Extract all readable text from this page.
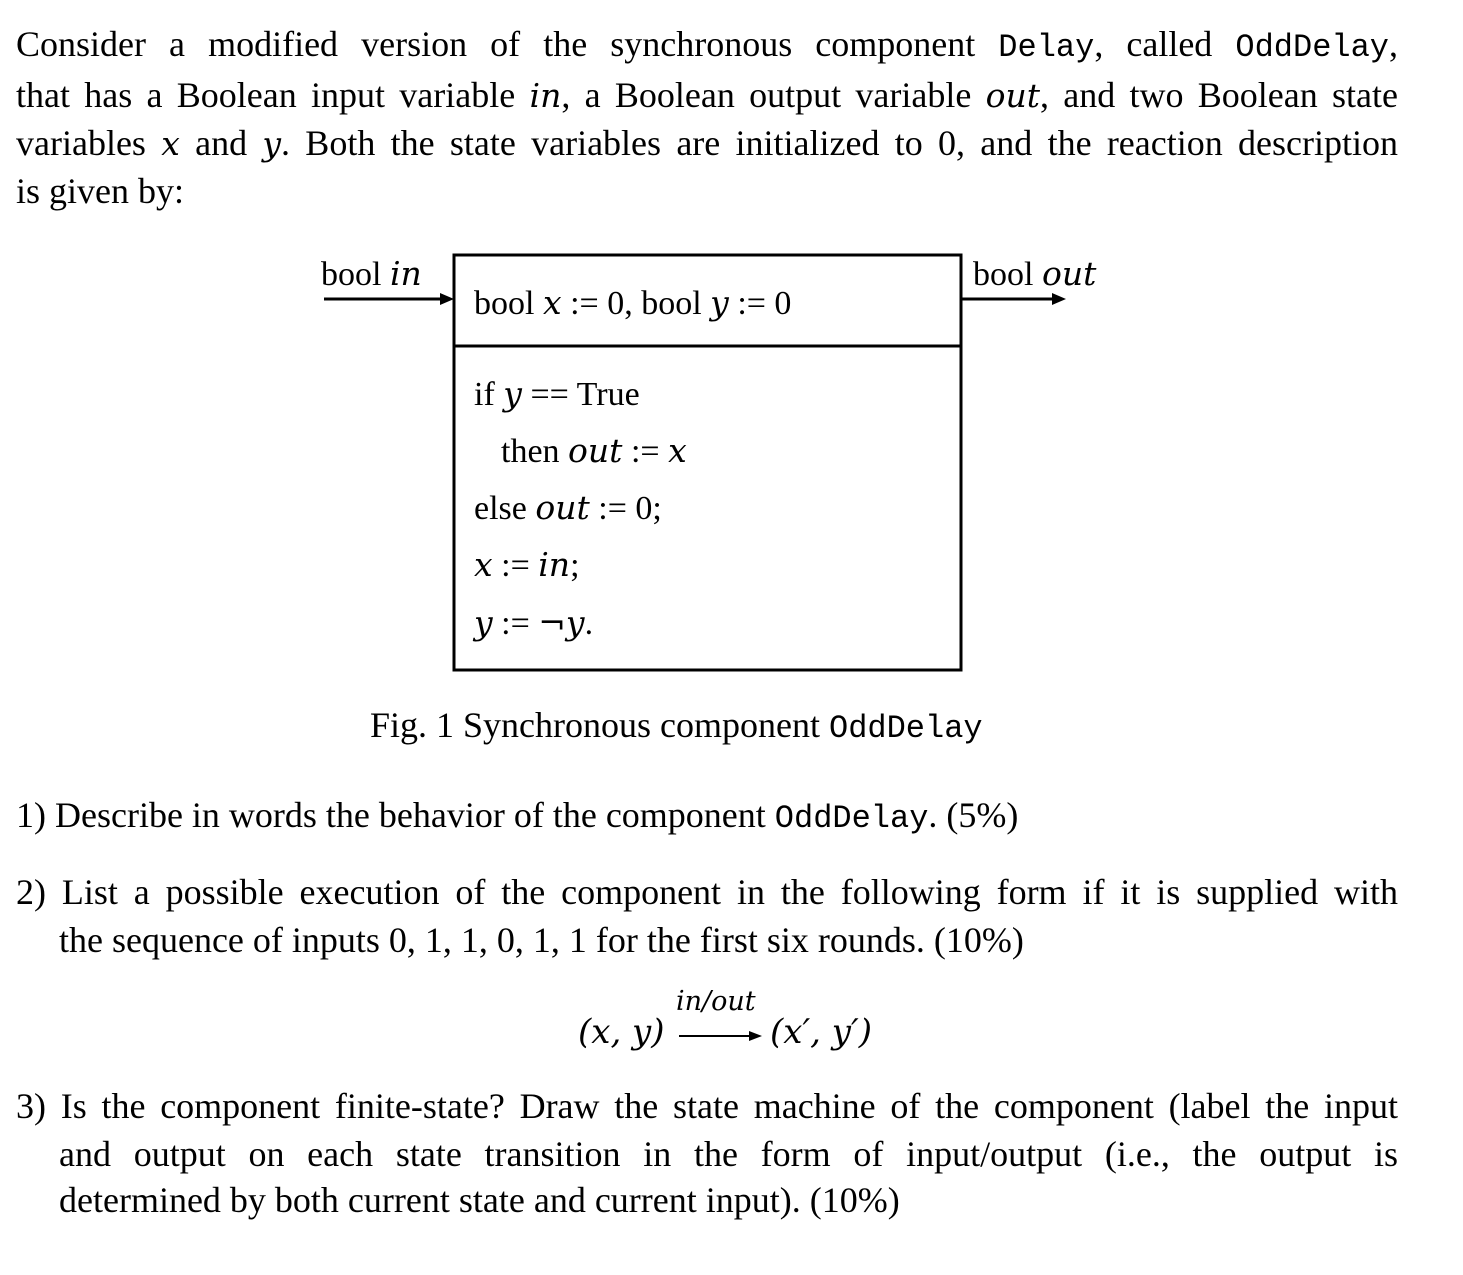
Consider a modified version of the synchronous component Delay, called OddDelay,
that has a Boolean input variable in, a Boolean output variable out, and two Boolean state
variables x and y. Both the state variables are initialized to 0, and the reaction description
is given by:
bool in	bool out
bool x := 0, bool y := 0
if y == True
then out := x
else out := 0;
x := in;
y := ¬y.
Fig. 1 Synchronous component OddDelay
1) Describe in words the behavior of the component OddDelay. (5%)
2) List a possible execution of the component in the following form if it is supplied with
the sequence of inputs 0, 1, 1, 0, 1, 1 for the first six rounds. (10%)
(x, y)
in/out
(x′, y′)
3) Is the component finite-state? Draw the state machine of the component (label the input
and output on each state transition in the form of input/output (i.e., the output is
determined by both current state and current input). (10%)
